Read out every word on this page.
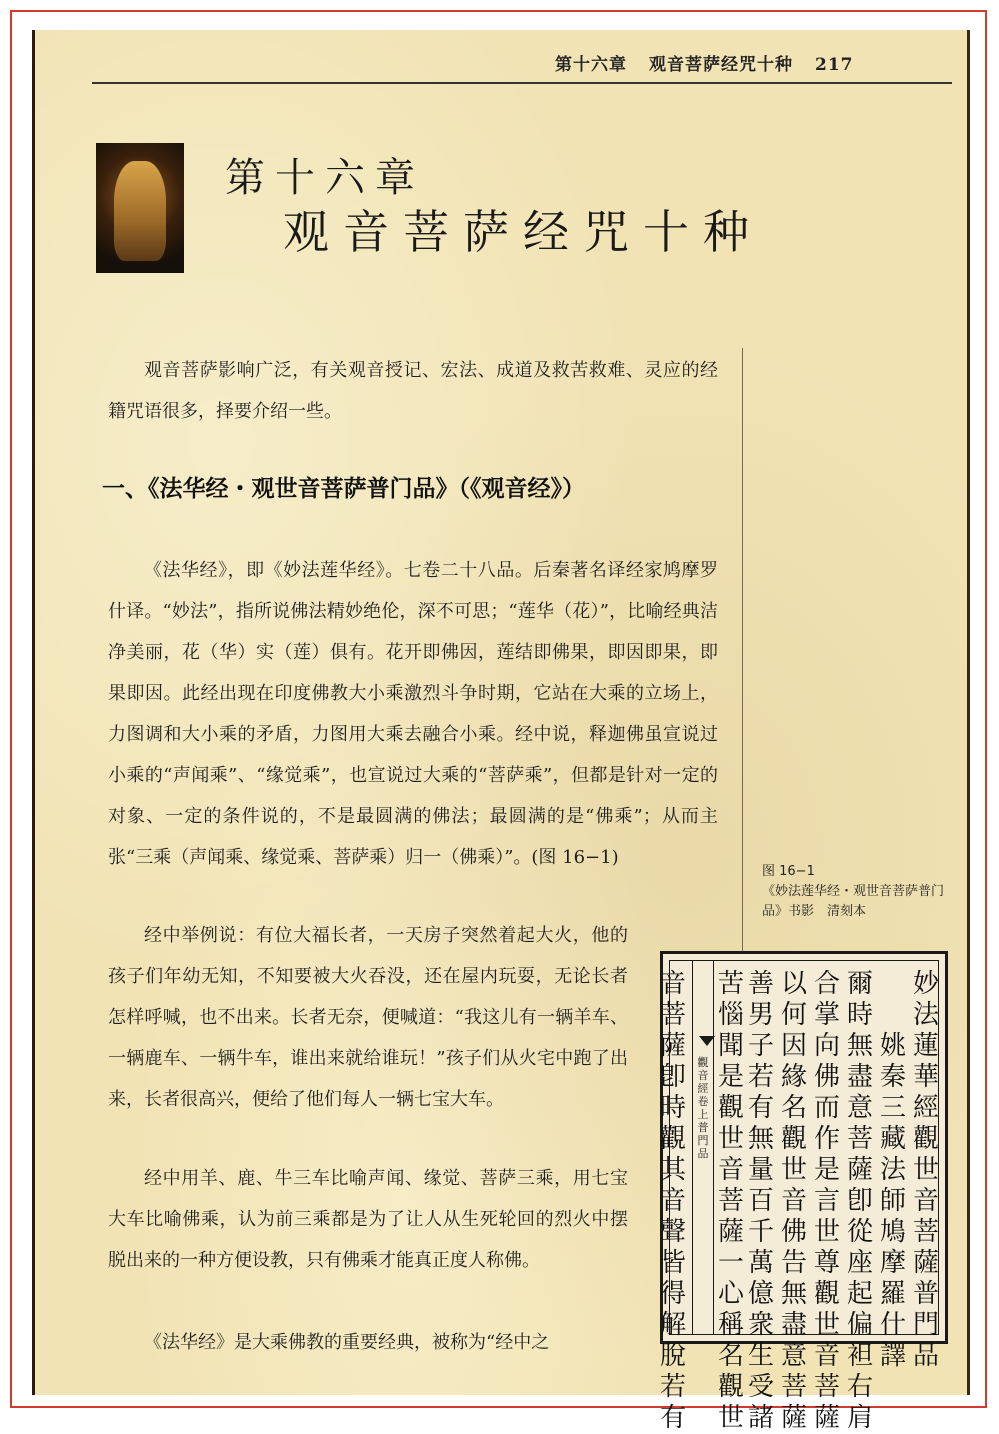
第十六章 观音菩萨经咒十种 217
第十六章
观音菩萨经咒十种
观音菩萨影响广泛，有关观音授记、宏法、成道及救苦救难、灵应的经籍咒语很多，择要介绍一些。
一、《法华经・观世音菩萨普门品》（《观音经》）
《法华经》，即《妙法莲华经》。七卷二十八品。后秦著名译经家鸠摩罗什译。“妙法”，指所说佛法精妙绝伦，深不可思；“莲华（花）”，比喻经典洁净美丽，花（华）实（莲）俱有。花开即佛因，莲结即佛果，即因即果，即果即因。此经出现在印度佛教大小乘激烈斗争时期，它站在大乘的立场上，力图调和大小乘的矛盾，力图用大乘去融合小乘。经中说，释迦佛虽宣说过小乘的“声闻乘”、“缘觉乘”，也宣说过大乘的“菩萨乘”，但都是针对一定的对象、一定的条件说的，不是最圆满的佛法；最圆满的是“佛乘”；从而主张“三乘（声闻乘、缘觉乘、菩萨乘）归一（佛乘）”。(图 16−1)
经中举例说：有位大福长者，一天房子突然着起大火，他的孩子们年幼无知，不知要被大火吞没，还在屋内玩耍，无论长者怎样呼喊，也不出来。长者无奈，便喊道：“我这儿有一辆羊车、一辆鹿车、一辆牛车，谁出来就给谁玩！”孩子们从火宅中跑了出来，长者很高兴，便给了他们每人一辆七宝大车。
经中用羊、鹿、牛三车比喻声闻、缘觉、菩萨三乘，用七宝大车比喻佛乘，认为前三乘都是为了让人从生死轮回的烈火中摆脱出来的一种方便设教，只有佛乘才能真正度人称佛。
《法华经》是大乘佛教的重要经典，被称为“经中之
图 16−1
《妙法莲华经・观世音菩萨普门品》书影　清刻本
觀音經卷上　普門品
妙法蓮華經觀世音菩薩普門品
姚秦三藏法師鳩摩羅什譯
爾時無盡意菩薩卽從座起偏袒右肩
合掌向佛而作是言世尊觀世音菩薩
以何因緣名觀世音佛告無盡意菩薩
善男子若有無量百千萬億衆生受諸
苦惱聞是觀世音菩薩一心稱名觀世
音菩薩卽時觀其音聲皆得解脫若有
